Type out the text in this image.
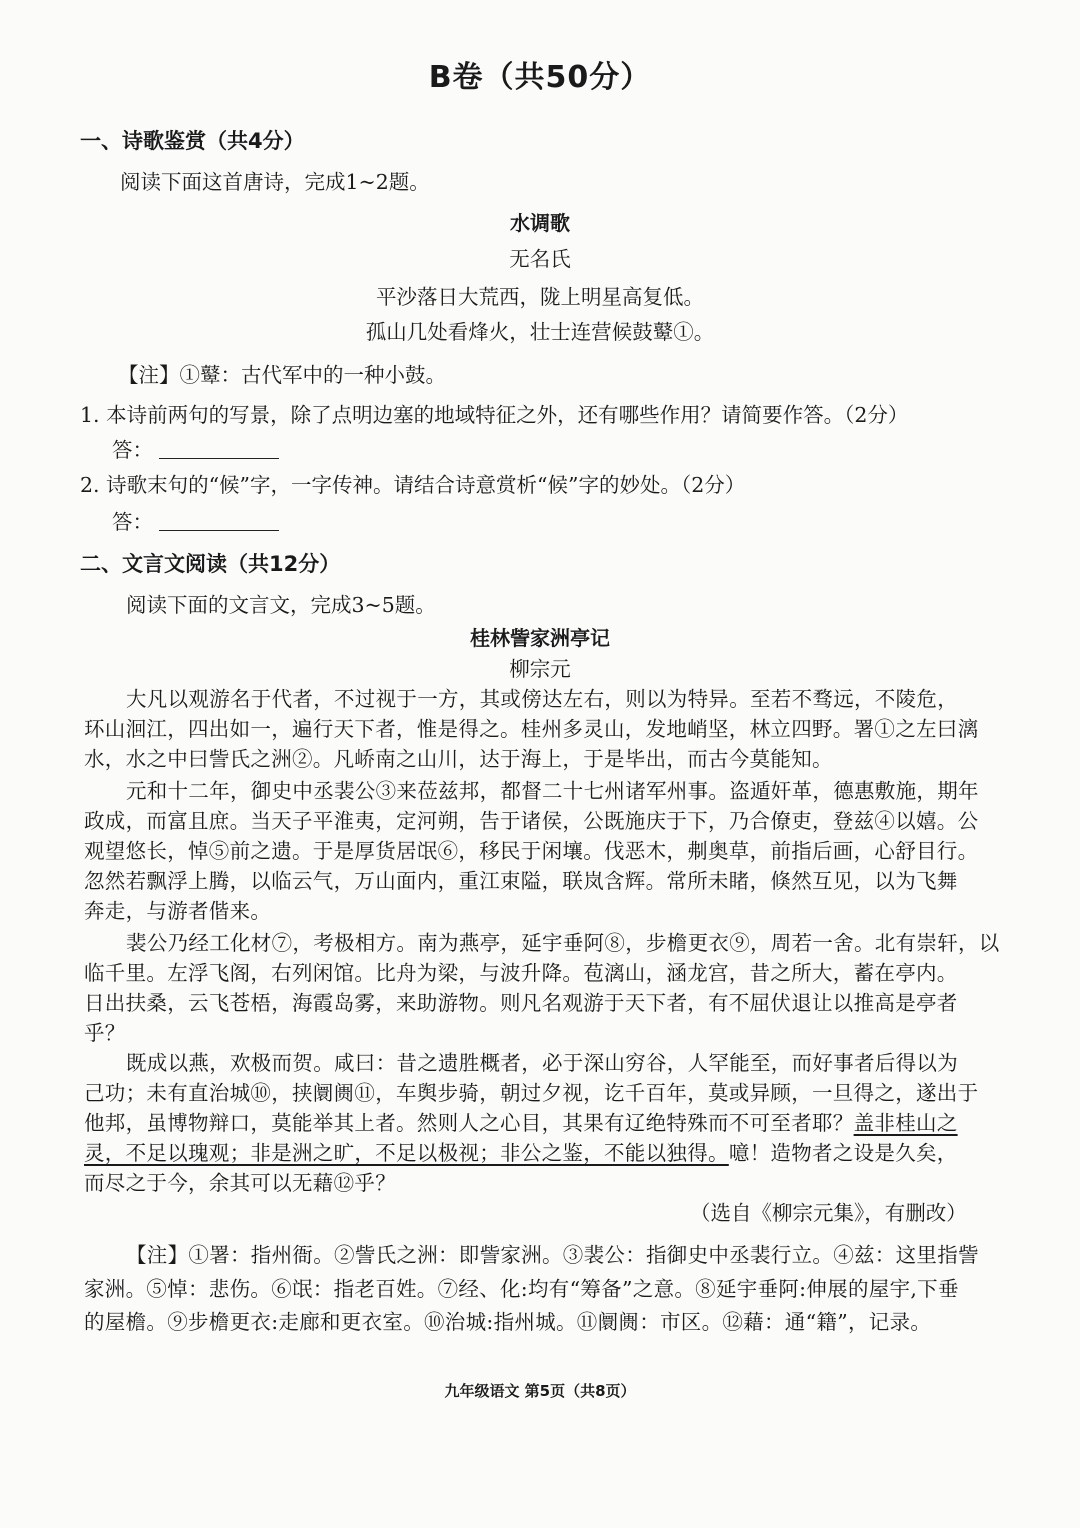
B卷（共50分）
一、诗歌鉴赏（共4分）
阅读下面这首唐诗，完成1~2题。
水调歌
无名氏
平沙落日大荒西，陇上明星高复低。
孤山几处看烽火，壮士连营候鼓鼙①。
【注】①鼙：古代军中的一种小鼓。
1. 本诗前两句的写景，除了点明边塞的地域特征之外，还有哪些作用？请简要作答。（2分）
答：
2. 诗歌末句的“候”字，一字传神。请结合诗意赏析“候”字的妙处。（2分）
答：
二、文言文阅读（共12分）
阅读下面的文言文，完成3~5题。
桂林訾家洲亭记
柳宗元
大凡以观游名于代者，不过视于一方，其或傍达左右，则以为特异。至若不骛远，不陵危，
环山洄江，四出如一，遍行天下者，惟是得之。桂州多灵山，发地峭坚，林立四野。署①之左曰漓
水，水之中曰訾氏之洲②。凡峤南之山川，达于海上，于是毕出，而古今莫能知。
元和十二年，御史中丞裴公③来莅兹邦，都督二十七州诸军州事。盗遁奸革，德惠敷施，期年
政成，而富且庶。当天子平淮夷，定河朔，告于诸侯，公既施庆于下，乃合僚吏，登兹④以嬉。公
观望悠长，悼⑤前之遗。于是厚货居氓⑥，移民于闲壤。伐恶木，刜奥草，前指后画，心舒目行。
忽然若飘浮上腾，以临云气，万山面内，重江束隘，联岚含辉。常所未睹，倏然互见，以为飞舞
奔走，与游者偕来。
裴公乃经工化材⑦，考极相方。南为燕亭，延宇垂阿⑧，步檐更衣⑨，周若一舍。北有崇轩，以
临千里。左浮飞阁，右列闲馆。比舟为梁，与波升降。苞漓山，涵龙宫，昔之所大，蓄在亭内。
日出扶桑，云飞苍梧，海霞岛雾，来助游物。则凡名观游于天下者，有不屈伏退让以推高是亭者
乎？
既成以燕，欢极而贺。咸曰：昔之遗胜概者，必于深山穷谷，人罕能至，而好事者后得以为
己功；未有直治城⑩，挟阛阓⑪，车舆步骑，朝过夕视，讫千百年，莫或异顾，一旦得之，遂出于
他邦，虽博物辩口，莫能举其上者。然则人之心目，其果有辽绝特殊而不可至者耶？盖非桂山之
灵，不足以瑰观；非是洲之旷，不足以极视；非公之鉴，不能以独得。噫！造物者之设是久矣，
而尽之于今，余其可以无藉⑫乎？
（选自《柳宗元集》，有删改）
【注】①署：指州衙。②訾氏之洲：即訾家洲。③裴公：指御史中丞裴行立。④兹：这里指訾
家洲。⑤悼：悲伤。⑥氓：指老百姓。⑦经、化:均有“筹备”之意。⑧延宇垂阿:伸展的屋宇,下垂
的屋檐。⑨步檐更衣:走廊和更衣室。⑩治城:指州城。⑪阛阓：市区。⑫藉：通“籍”，记录。
九年级语文 第5页（共8页）
